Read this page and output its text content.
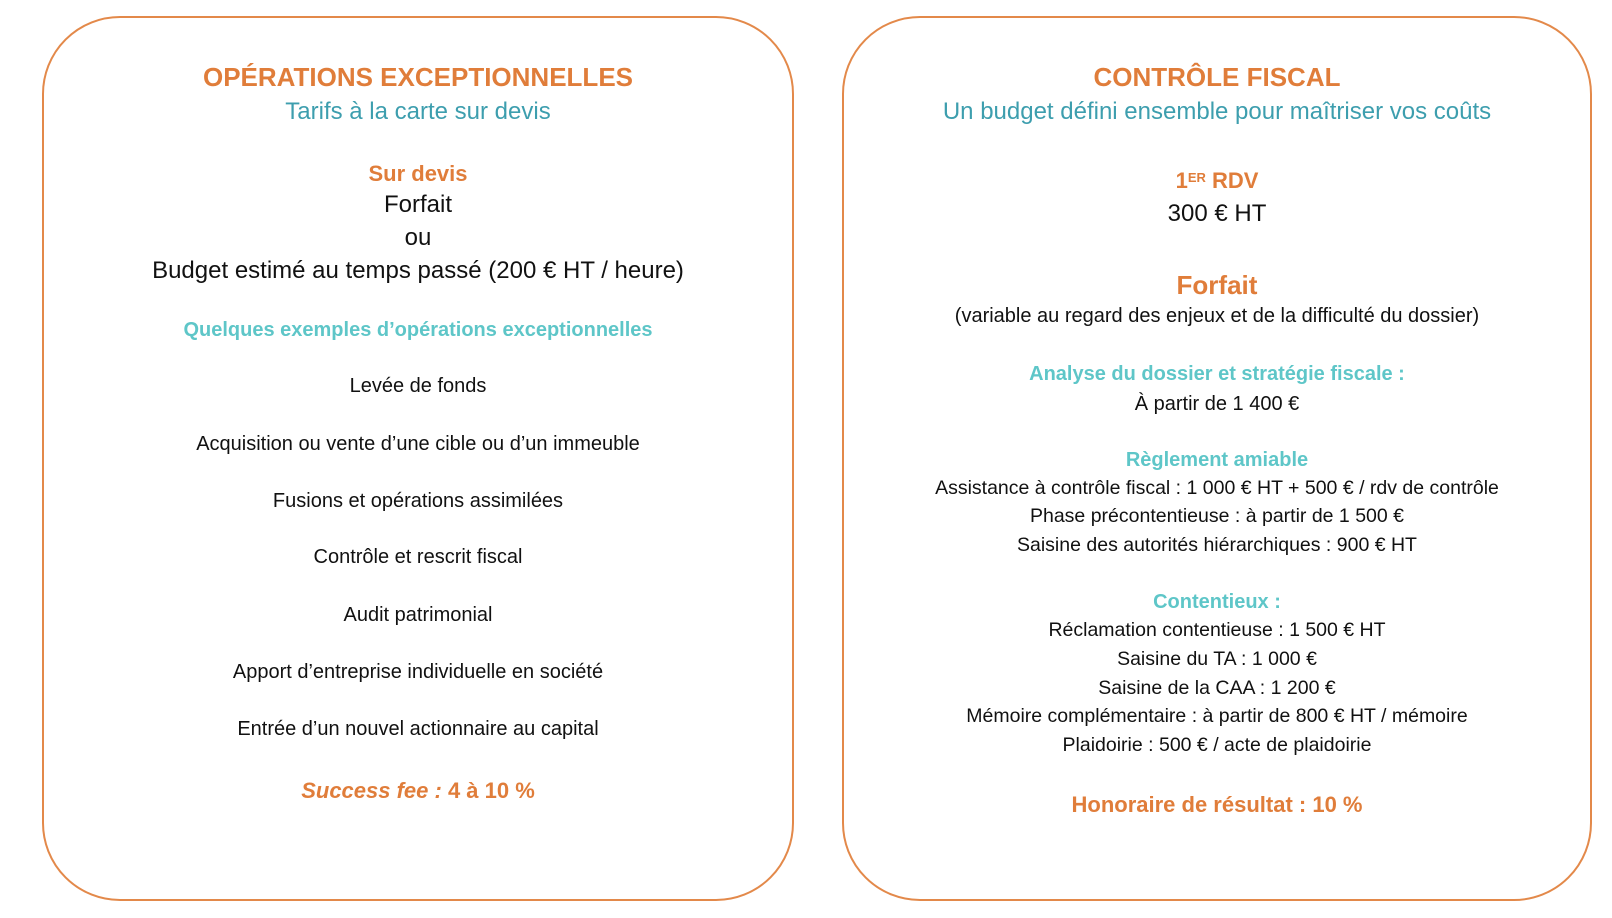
OPÉRATIONS EXCEPTIONNELLES

Tarifs à la carte sur devis

Sur devis

Forfait

ou

Budget estimé au temps passé (200 € HT / heure)

Quelques exemples d’opérations exceptionnelles

Levée de fonds

Acquisition ou vente d’une cible ou d’un immeuble

Fusions et opérations assimilées

Contrôle et rescrit fiscal

Audit patrimonial

Apport d’entreprise individuelle en société

Entrée d’un nouvel actionnaire au capital

Success fee : 4 à 10 %

CONTRÔLE FISCAL

Un budget défini ensemble pour maîtriser vos coûts

1ER RDV

300 € HT

Forfait

(variable au regard des enjeux et de la difficulté du dossier)

Analyse du dossier et stratégie fiscale :

À partir de 1 400 €

Règlement amiable

Assistance à contrôle fiscal : 1 000 € HT + 500 € / rdv de contrôle

Phase précontentieuse : à partir de 1 500 €

Saisine des autorités hiérarchiques : 900 € HT

Contentieux :

Réclamation contentieuse : 1 500 € HT

Saisine du TA : 1 000 €

Saisine de la CAA : 1 200 €

Mémoire complémentaire : à partir de 800 € HT / mémoire

Plaidoirie : 500 € / acte de plaidoirie

Honoraire de résultat : 10 %
